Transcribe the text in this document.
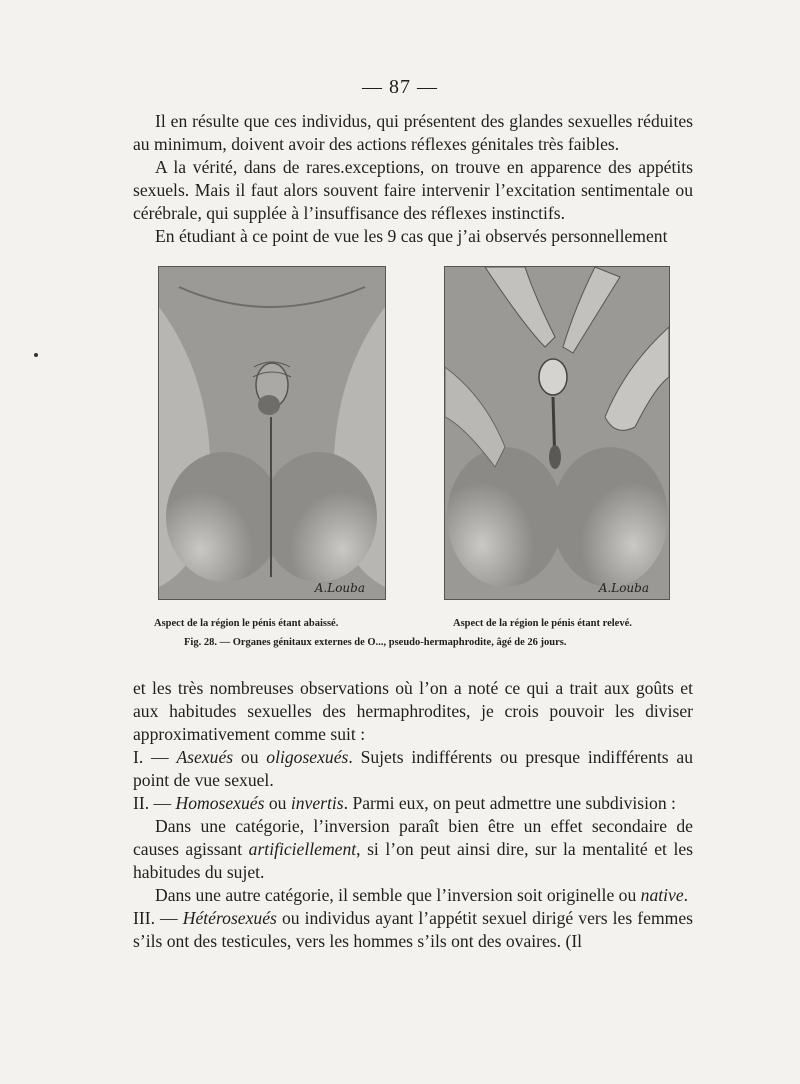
— 87 —

Il en résulte que ces individus, qui présentent des glandes sexuelles réduites au minimum, doivent avoir des actions réflexes génitales très faibles.

A la vérité, dans de rares.exceptions, on trouve en apparence des appétits sexuels. Mais il faut alors souvent faire intervenir l’excitation sentimentale ou cérébrale, qui supplée à l’insuffisance des réflexes instinctifs.

En étudiant à ce point de vue les 9 cas que j’ai observés personnellement

A.Louba	A.Louba
Aspect de la région le pénis étant abaissé.	Aspect de la région le pénis étant relevé.
Fig. 28. — Organes génitaux externes de O..., pseudo-hermaphrodite, âgé de 26 jours.

et les très nombreuses observations où l’on a noté ce qui a trait aux goûts et aux habitudes sexuelles des hermaphrodites, je crois pouvoir les diviser approximativement comme suit :

I. — Asexués ou oligosexués. Sujets indifférents ou presque indifférents au point de vue sexuel.

II. — Homosexués ou invertis. Parmi eux, on peut admettre une subdivision :

Dans une catégorie, l’inversion paraît bien être un effet secondaire de causes agissant artificiellement, si l’on peut ainsi dire, sur la mentalité et les habitudes du sujet.

Dans une autre catégorie, il semble que l’inversion soit originelle ou native.

III. — Hétérosexués ou individus ayant l’appétit sexuel dirigé vers les femmes s’ils ont des testicules, vers les hommes s’ils ont des ovaires. (Il
